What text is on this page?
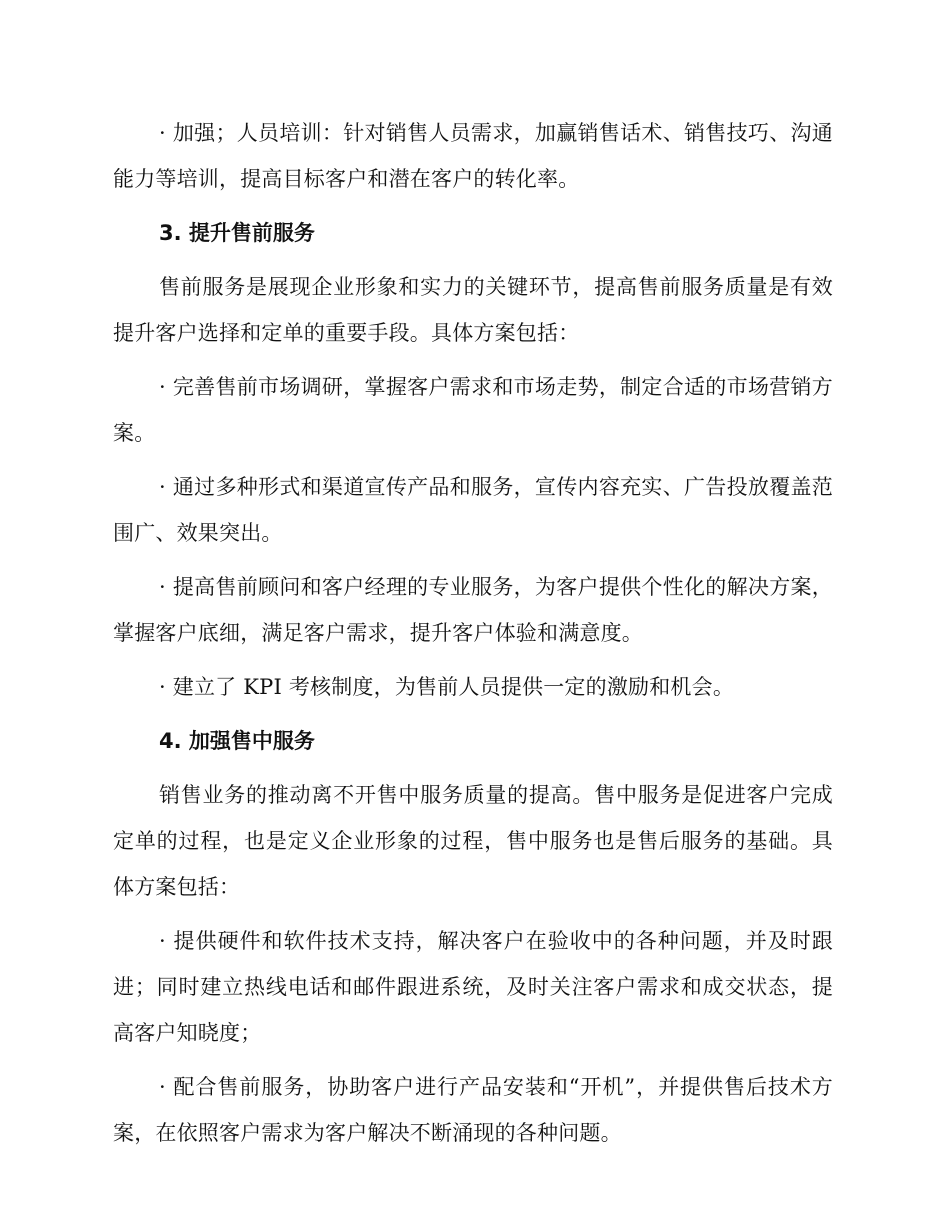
· 加强；人员培训：针对销售人员需求，加赢销售话术、销售技巧、沟通能力等培训，提高目标客户和潜在客户的转化率。

3. 提升售前服务

售前服务是展现企业形象和实力的关键环节，提高售前服务质量是有效提升客户选择和定单的重要手段。具体方案包括：

· 完善售前市场调研，掌握客户需求和市场走势，制定合适的市场营销方案。

· 通过多种形式和渠道宣传产品和服务，宣传内容充实、广告投放覆盖范围广、效果突出。

· 提高售前顾问和客户经理的专业服务，为客户提供个性化的解决方案，掌握客户底细，满足客户需求，提升客户体验和满意度。

· 建立了 KPI 考核制度，为售前人员提供一定的激励和机会。

4. 加强售中服务

销售业务的推动离不开售中服务质量的提高。售中服务是促进客户完成定单的过程，也是定义企业形象的过程，售中服务也是售后服务的基础。具体方案包括：

· 提供硬件和软件技术支持，解决客户在验收中的各种问题，并及时跟进；同时建立热线电话和邮件跟进系统，及时关注客户需求和成交状态，提高客户知晓度；

· 配合售前服务，协助客户进行产品安装和“开机”，并提供售后技术方案，在依照客户需求为客户解决不断涌现的各种问题。
